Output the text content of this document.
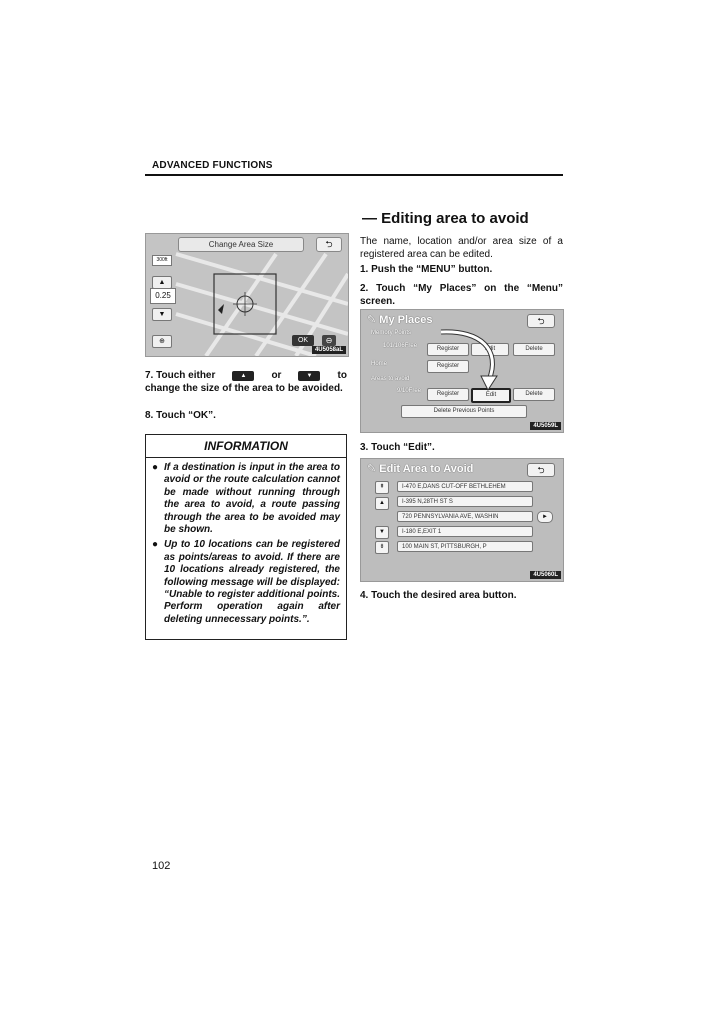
ADVANCED FUNCTIONS
Change Area Size	⮌
300ft
▲
0.25
▼
⊕	OK	⊖
4U5058aL
7. Touch either	▲	or	▼	to
change the size of the area to be avoided.
8. Touch “OK”.
INFORMATION
● If a destination is input in the area to avoid or the route calculation cannot be made without running through the area to avoid, a route passing through the area to be avoided may be shown.
● Up to 10 locations can be registered as points/areas to avoid. If there are 10 locations already registered, the following message will be displayed: “Unable to register additional points. Perform operation again after deleting unnecessary points.”.
— Editing area to avoid
The name, location and/or area size of a registered area can be edited.
1. Push the “MENU” button.
2. Touch “My Places” on the “Menu” screen.
✎ My Places	⮌
Memory Points
101/106Free	Register	Edit	Delete
Home	Register
Areas to avoid
9/10Free	Register	Edit	Delete
Delete Previous Points
4U5059L
3. Touch “Edit”.
✎ Edit Area to Avoid	⮌
⇞
▲
▼
⇟
I-470 E,DANS CUT-OFF BETHLEHEM
I-395 N,28TH ST S
720 PENNSYLVANIA AVE, WASHIN
I-180 E,EXIT 1
100 MAIN ST, PITTSBURGH, P
►
4U5060L
4. Touch the desired area button.
102
